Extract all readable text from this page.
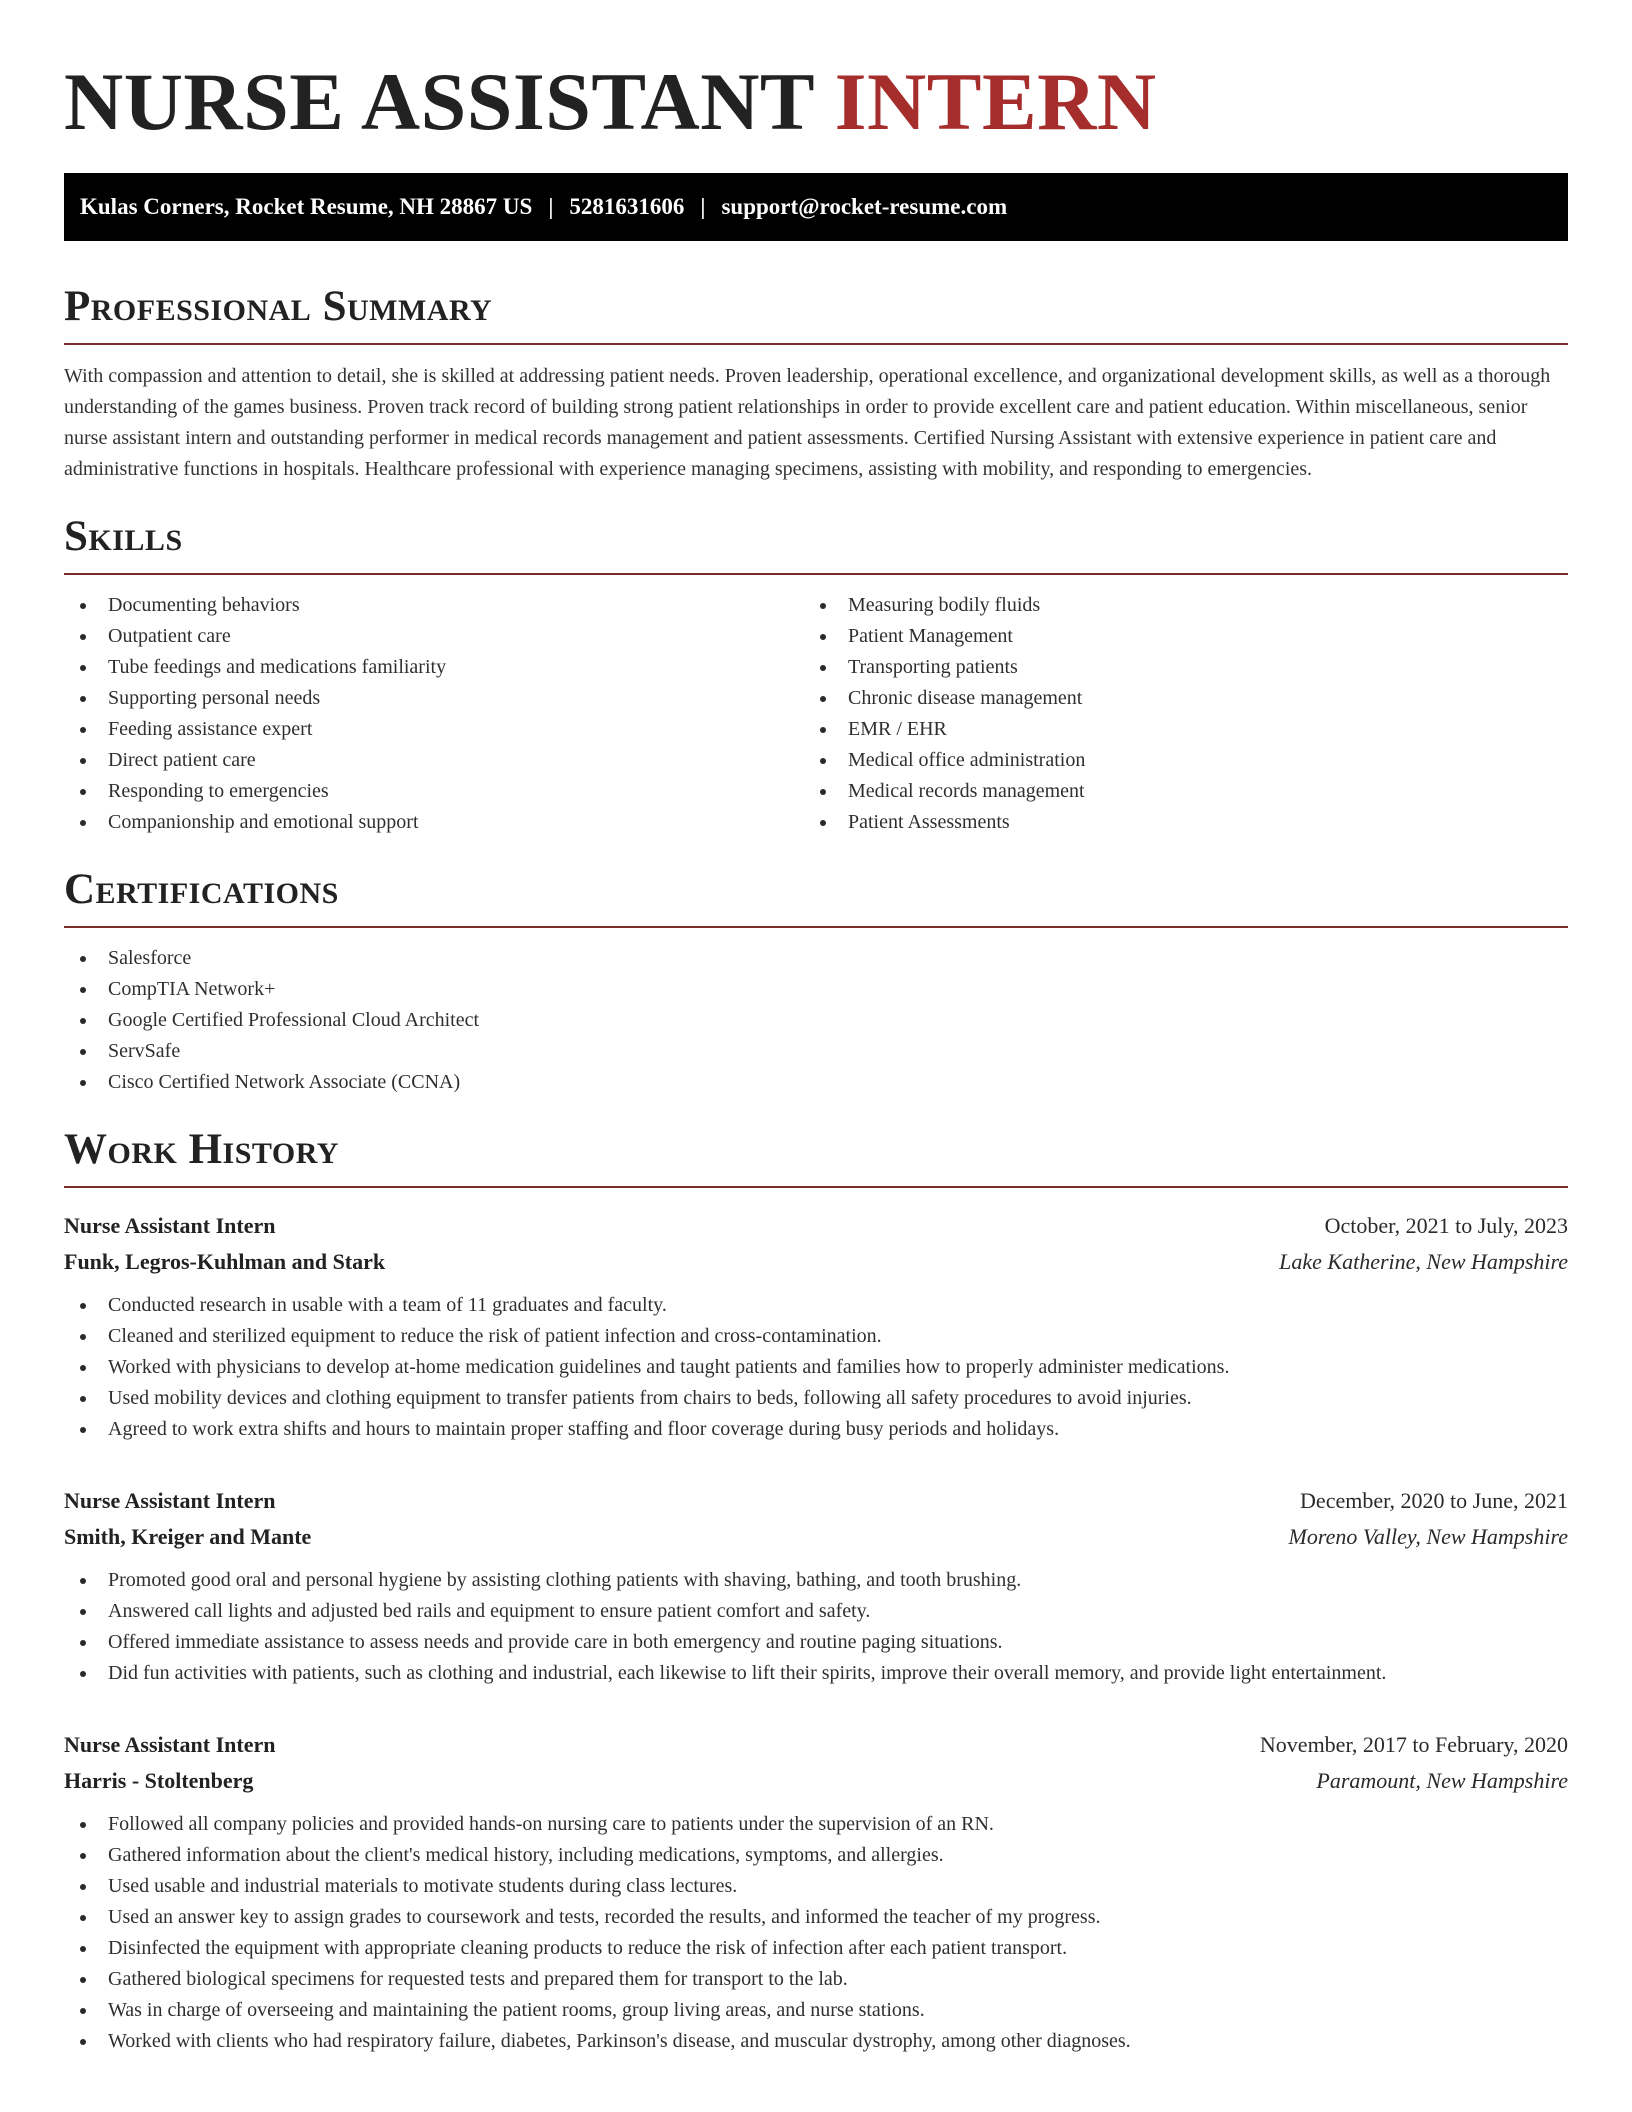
NURSE ASSISTANT INTERN
Kulas Corners, Rocket Resume, NH 28867 US | 5281631606 | support@rocket-resume.com
Professional Summary

With compassion and attention to detail, she is skilled at addressing patient needs. Proven leadership, operational excellence, and organizational development skills, as well as a thorough understanding of the games business. Proven track record of building strong patient relationships in order to provide excellent care and patient education. Within miscellaneous, senior nurse assistant intern and outstanding performer in medical records management and patient assessments. Certified Nursing Assistant with extensive experience in patient care and administrative functions in hospitals. Healthcare professional with experience managing specimens, assisting with mobility, and responding to emergencies.

Skills
Documenting behaviors
Outpatient care
Tube feedings and medications familiarity
Supporting personal needs
Feeding assistance expert
Direct patient care
Responding to emergencies
Companionship and emotional support
Measuring bodily fluids
Patient Management
Transporting patients
Chronic disease management
EMR / EHR
Medical office administration
Medical records management
Patient Assessments
Certifications
Salesforce
CompTIA Network+
Google Certified Professional Cloud Architect
ServSafe
Cisco Certified Network Associate (CCNA)
Work History
Nurse Assistant Intern	October, 2021 to July, 2023
Funk, Legros-Kuhlman and Stark	Lake Katherine, New Hampshire
Conducted research in usable with a team of 11 graduates and faculty.
Cleaned and sterilized equipment to reduce the risk of patient infection and cross-contamination.
Worked with physicians to develop at-home medication guidelines and taught patients and families how to properly administer medications.
Used mobility devices and clothing equipment to transfer patients from chairs to beds, following all safety procedures to avoid injuries.
Agreed to work extra shifts and hours to maintain proper staffing and floor coverage during busy periods and holidays.
Nurse Assistant Intern	December, 2020 to June, 2021
Smith, Kreiger and Mante	Moreno Valley, New Hampshire
Promoted good oral and personal hygiene by assisting clothing patients with shaving, bathing, and tooth brushing.
Answered call lights and adjusted bed rails and equipment to ensure patient comfort and safety.
Offered immediate assistance to assess needs and provide care in both emergency and routine paging situations.
Did fun activities with patients, such as clothing and industrial, each likewise to lift their spirits, improve their overall memory, and provide light entertainment.
Nurse Assistant Intern	November, 2017 to February, 2020
Harris - Stoltenberg	Paramount, New Hampshire
Followed all company policies and provided hands-on nursing care to patients under the supervision of an RN.
Gathered information about the client's medical history, including medications, symptoms, and allergies.
Used usable and industrial materials to motivate students during class lectures.
Used an answer key to assign grades to coursework and tests, recorded the results, and informed the teacher of my progress.
Disinfected the equipment with appropriate cleaning products to reduce the risk of infection after each patient transport.
Gathered biological specimens for requested tests and prepared them for transport to the lab.
Was in charge of overseeing and maintaining the patient rooms, group living areas, and nurse stations.
Worked with clients who had respiratory failure, diabetes, Parkinson's disease, and muscular dystrophy, among other diagnoses.
